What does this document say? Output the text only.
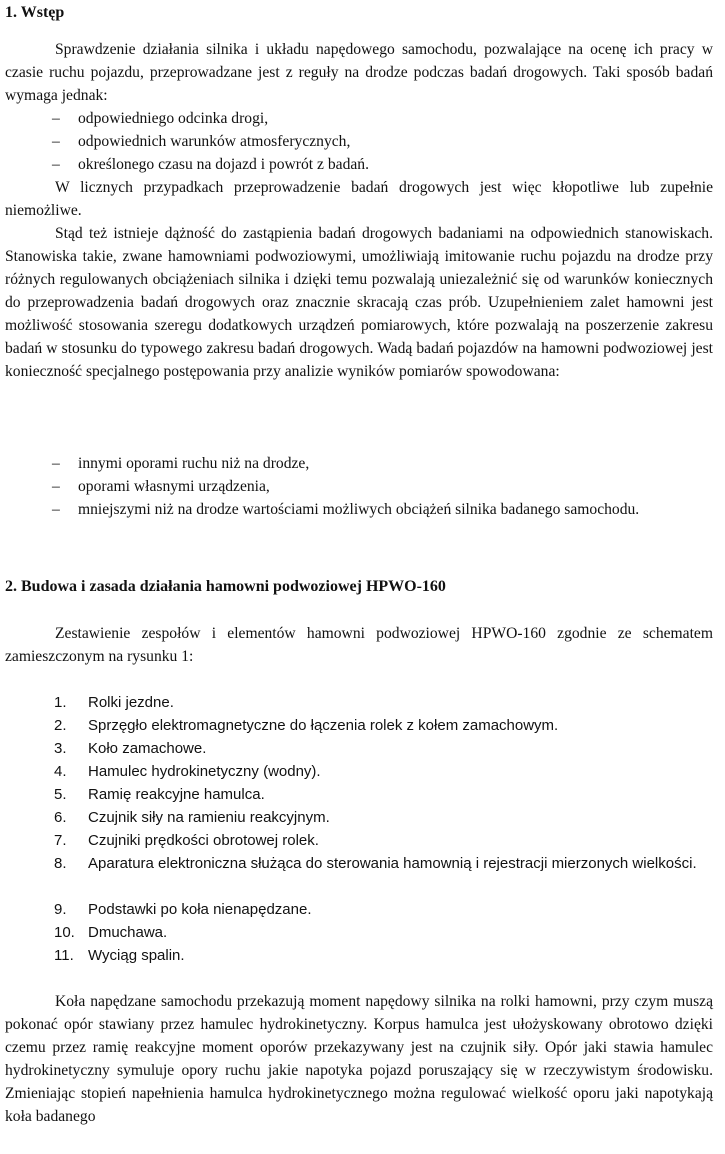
1. Wstęp
Sprawdzenie działania silnika i układu napędowego samochodu, pozwalające na ocenę ich pracy w czasie ruchu pojazdu, przeprowadzane jest z reguły na drodze podczas badań drogowych. Taki sposób badań wymaga jednak:
– odpowiedniego odcinka drogi,
– odpowiednich warunków atmosferycznych,
– określonego czasu na dojazd i powrót z badań.
W licznych przypadkach przeprowadzenie badań drogowych jest więc kłopotliwe lub zupełnie niemożliwe.
Stąd też istnieje dążność do zastąpienia badań drogowych badaniami na odpowiednich stanowiskach. Stanowiska takie, zwane hamowniami podwoziowymi, umożliwiają imitowanie ruchu pojazdu na drodze przy różnych regulowanych obciążeniach silnika i dzięki temu pozwalają uniezależnić się od warunków koniecznych do przeprowadzenia badań drogowych oraz znacznie skracają czas prób. Uzupełnieniem zalet hamowni jest możliwość stosowania szeregu dodatkowych urządzeń pomiarowych, które pozwalają na poszerzenie zakresu badań w stosunku do typowego zakresu badań drogowych. Wadą badań pojazdów na hamowni podwoziowej jest konieczność specjalnego postępowania przy analizie wyników pomiarów spowodowana:
– innymi oporami ruchu niż na drodze,
– oporami własnymi urządzenia,
– mniejszymi niż na drodze wartościami możliwych obciążeń silnika badanego samochodu.
2. Budowa i zasada działania hamowni podwoziowej HPWO-160
Zestawienie zespołów i elementów hamowni podwoziowej HPWO-160 zgodnie ze schematem zamieszczonym na rysunku 1:
1. Rolki jezdne.
2. Sprzęgło elektromagnetyczne do łączenia rolek z kołem zamachowym.
3. Koło zamachowe.
4. Hamulec hydrokinetyczny (wodny).
5. Ramię reakcyjne hamulca.
6. Czujnik siły na ramieniu reakcyjnym.
7. Czujniki prędkości obrotowej rolek.
8. Aparatura elektroniczna służąca do sterowania hamownią i rejestracji mierzonych wielkości.
9. Podstawki po koła nienapędzane.
10. Dmuchawa.
11. Wyciąg spalin.
Koła napędzane samochodu przekazują moment napędowy silnika na rolki hamowni, przy czym muszą pokonać opór stawiany przez hamulec hydrokinetyczny. Korpus hamulca jest ułożyskowany obrotowo dzięki czemu przez ramię reakcyjne moment oporów przekazywany jest na czujnik siły. Opór jaki stawia hamulec hydrokinetyczny symuluje opory ruchu jakie napotyka pojazd poruszający się w rzeczywistym środowisku. Zmieniając stopień napełnienia hamulca hydrokinetycznego można regulować wielkość oporu jaki napotykają koła badanego
